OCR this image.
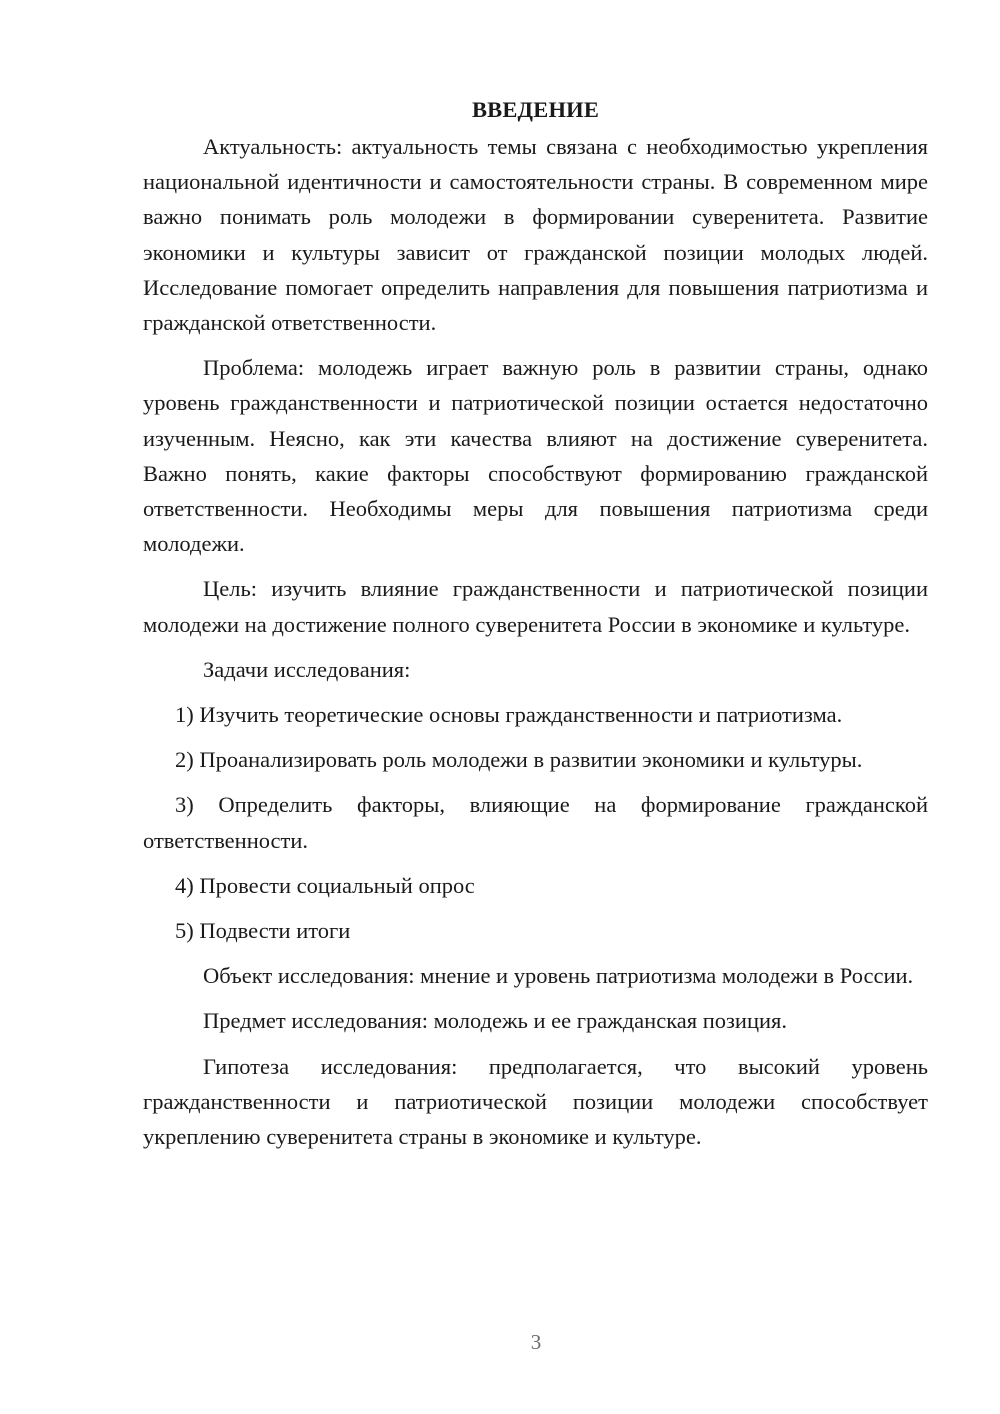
ВВЕДЕНИЕ

Актуальность: актуальность темы связана с необходимостью укрепления национальной идентичности и самостоятельности страны. В современном мире важно понимать роль молодежи в формировании суверенитета. Развитие экономики и культуры зависит от гражданской позиции молодых людей. Исследование помогает определить направления для повышения патриотизма и гражданской ответственности.

Проблема: молодежь играет важную роль в развитии страны, однако уровень гражданственности и патриотической позиции остается недостаточно изученным. Неясно, как эти качества влияют на достижение суверенитета. Важно понять, какие факторы способствуют формированию гражданской ответственности. Необходимы меры для повышения патриотизма среди молодежи.

Цель: изучить влияние гражданственности и патриотической позиции молодежи на достижение полного суверенитета России в экономике и культуре.

Задачи исследования:

1) Изучить теоретические основы гражданственности и патриотизма.

2) Проанализировать роль молодежи в развитии экономики и культуры.

3) Определить факторы, влияющие на формирование гражданской ответственности.

4) Провести социальный опрос

5) Подвести итоги

Объект исследования: мнение и уровень патриотизма молодежи в России.

Предмет исследования: молодежь и ее гражданская позиция.

Гипотеза исследования: предполагается, что высокий уровень гражданственности и патриотической позиции молодежи способствует укреплению суверенитета страны в экономике и культуре.

3
